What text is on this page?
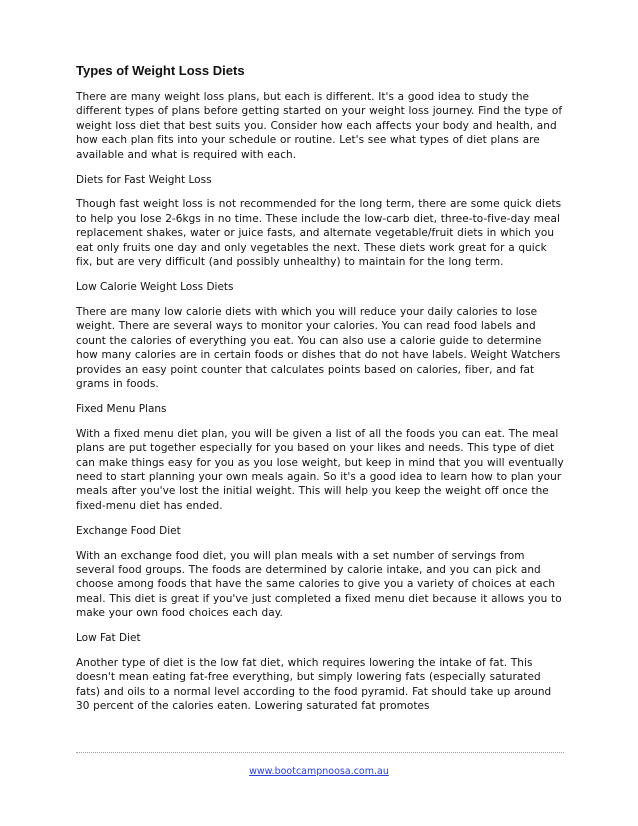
Types of Weight Loss Diets

There are many weight loss plans, but each is different. It's a good idea to study the different types of plans before getting started on your weight loss journey. Find the type of weight loss diet that best suits you. Consider how each affects your body and health, and how each plan fits into your schedule or routine. Let's see what types of diet plans are available and what is required with each.

Diets for Fast Weight Loss

Though fast weight loss is not recommended for the long term, there are some quick diets to help you lose 2-6kgs in no time. These include the low-carb diet, three-to-five-day meal replacement shakes, water or juice fasts, and alternate vegetable/fruit diets in which you eat only fruits one day and only vegetables the next. These diets work great for a quick fix, but are very difficult (and possibly unhealthy) to maintain for the long term.

Low Calorie Weight Loss Diets

There are many low calorie diets with which you will reduce your daily calories to lose weight. There are several ways to monitor your calories. You can read food labels and count the calories of everything you eat. You can also use a calorie guide to determine how many calories are in certain foods or dishes that do not have labels. Weight Watchers provides an easy point counter that calculates points based on calories, fiber, and fat grams in foods.

Fixed Menu Plans

With a fixed menu diet plan, you will be given a list of all the foods you can eat. The meal plans are put together especially for you based on your likes and needs. This type of diet can make things easy for you as you lose weight, but keep in mind that you will eventually need to start planning your own meals again. So it's a good idea to learn how to plan your meals after you've lost the initial weight. This will help you keep the weight off once the fixed-menu diet has ended.

Exchange Food Diet

With an exchange food diet, you will plan meals with a set number of servings from several food groups. The foods are determined by calorie intake, and you can pick and choose among foods that have the same calories to give you a variety of choices at each meal. This diet is great if you've just completed a fixed menu diet because it allows you to make your own food choices each day.

Low Fat Diet

Another type of diet is the low fat diet, which requires lowering the intake of fat. This doesn't mean eating fat-free everything, but simply lowering fats (especially saturated fats) and oils to a normal level according to the food pyramid. Fat should take up around 30 percent of the calories eaten. Lowering saturated fat promotes

www.bootcampnoosa.com.au
